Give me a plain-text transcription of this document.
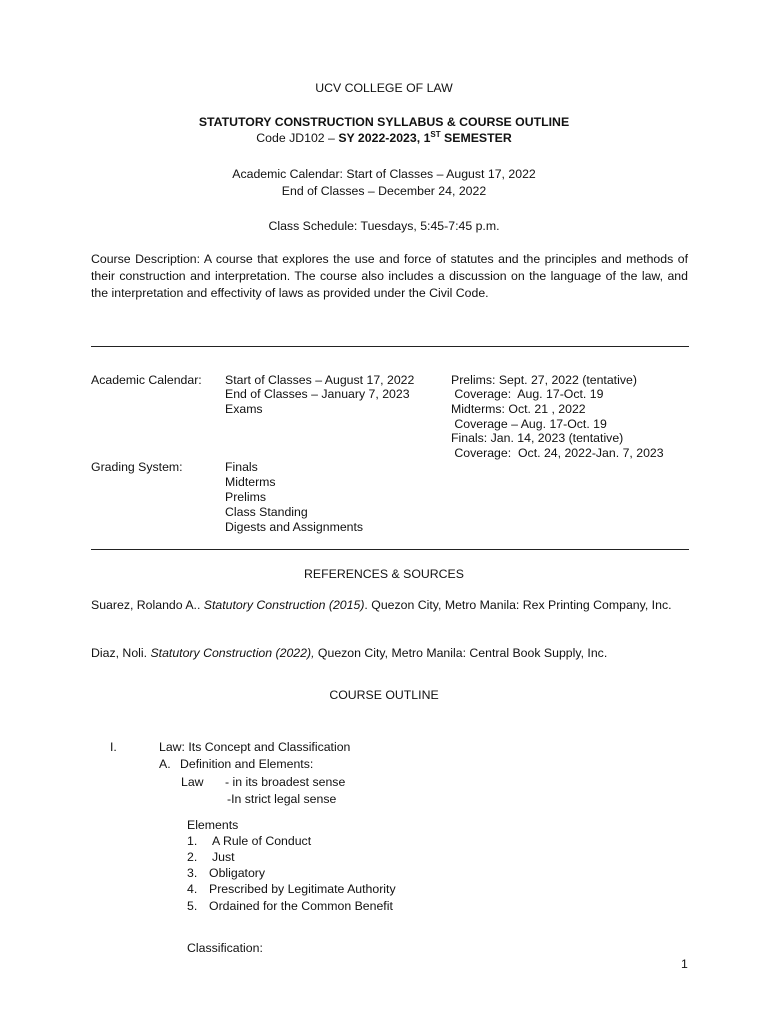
UCV COLLEGE OF LAW
STATUTORY CONSTRUCTION SYLLABUS & COURSE OUTLINE
Code JD102 – SY 2022-2023, 1ST SEMESTER
Academic Calendar: Start of Classes – August 17, 2022
End of Classes – December 24, 2022
Class Schedule: Tuesdays, 5:45-7:45 p.m.
Course Description: A course that explores the use and force of statutes and the principles and methods of their construction and interpretation. The course also includes a discussion on the language of the law, and the interpretation and effectivity of laws as provided under the Civil Code.
Academic Calendar: Start of Classes – August 17, 2022
End of Classes – January 7, 2023
Exams
Prelims: Sept. 27, 2022 (tentative)
Coverage:  Aug. 17-Oct. 19
Midterms: Oct. 21 , 2022
Coverage – Aug. 17-Oct. 19
Finals: Jan. 14, 2023 (tentative)
Coverage:  Oct. 24, 2022-Jan. 7, 2023
Grading System:	Finals
Midterms
Prelims
Class Standing
Digests and Assignments
REFERENCES & SOURCES
Suarez, Rolando A.. Statutory Construction (2015). Quezon City, Metro Manila: Rex Printing Company, Inc.
Diaz, Noli. Statutory Construction (2022), Quezon City, Metro Manila: Central Book Supply, Inc.
COURSE OUTLINE
I.	Law: Its Concept and Classification
A. Definition and Elements:
Law - in its broadest sense
-In strict legal sense
Elements
1. A Rule of Conduct
2. Just
3. Obligatory
4. Prescribed by Legitimate Authority
5. Ordained for the Common Benefit
Classification:
1
